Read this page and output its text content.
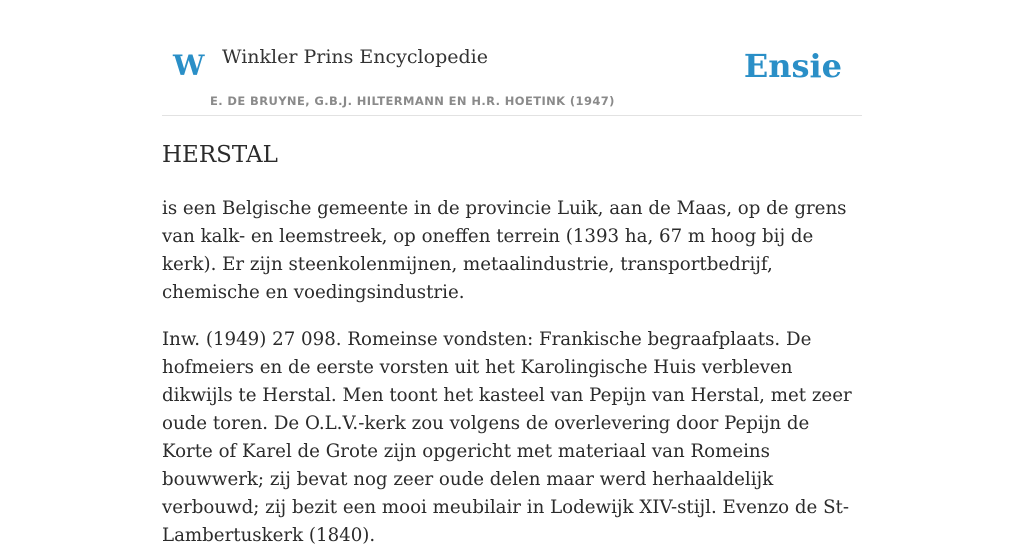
W Winkler Prins Encyclopedie
E. DE BRUYNE, G.B.J. HILTERMANN EN H.R. HOETINK (1947)
Ensie
HERSTAL

is een Belgische gemeente in de provincie Luik, aan de Maas, op de grens van kalk- en leemstreek, op oneffen terrein (1393 ha, 67 m hoog bij de kerk). Er zijn steenkolenmijnen, metaalindustrie, transportbedrijf, chemische en voedingsindustrie.

Inw. (1949) 27 098. Romeinse vondsten: Frankische begraafplaats. De hofmeiers en de eerste vorsten uit het Karolingische Huis verbleven dikwijls te Herstal. Men toont het kasteel van Pepijn van Herstal, met zeer oude toren. De O.L.V.-kerk zou volgens de overlevering door Pepijn de Korte of Karel de Grote zijn opgericht met materiaal van Romeins bouwwerk; zij bevat nog zeer oude delen maar werd herhaaldelijk verbouwd; zij bezit een mooi meubilair in Lodewijk XIV-stijl. Evenzo de St-Lambertuskerk (1840).
